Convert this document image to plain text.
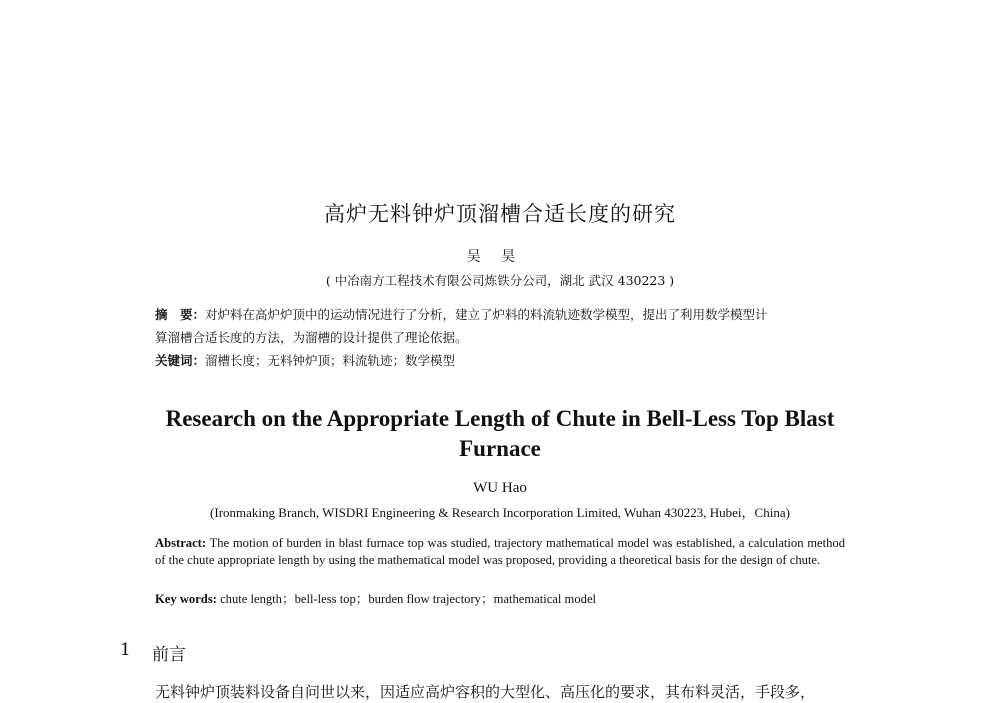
高炉无料钟炉顶溜槽合适长度的研究
吴 昊
( 中冶南方工程技术有限公司炼铁分公司，湖北 武汉 430223 )
摘　要：对炉料在高炉炉顶中的运动情况进行了分析，建立了炉料的料流轨迹数学模型，提出了利用数学模型计
算溜槽合适长度的方法，为溜槽的设计提供了理论依据。
关键词：溜槽长度；无料钟炉顶；料流轨迹；数学模型
Research on the Appropriate Length of Chute in Bell-Less Top Blast
Furnace
WU Hao
(Ironmaking Branch, WISDRI Engineering & Research Incorporation Limited, Wuhan 430223, Hubei，China)
Abstract: The motion of burden in blast furnace top was studied, trajectory mathematical model was established, a calculation method of the chute appropriate length by using the mathematical model was proposed, providing a theoretical basis for the design of chute.
Key words: chute length；bell-less top；burden flow trajectory；mathematical model
1 前言
无料钟炉顶装料设备自问世以来，因适应高炉容积的大型化、高压化的要求，其布料灵活，手段多，
